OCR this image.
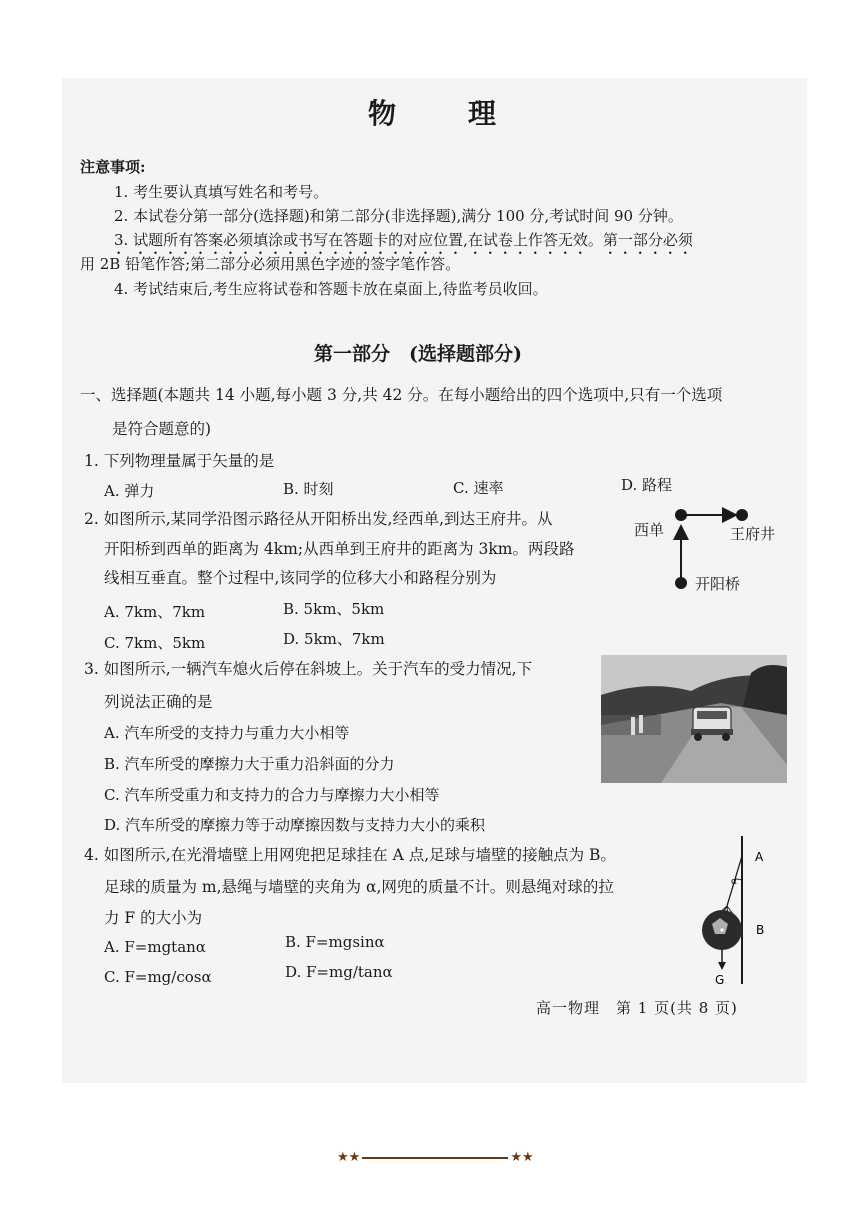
物	理
注意事项:
1. 考生要认真填写姓名和考号。
2. 本试卷分第一部分(选择题)和第二部分(非选择题),满分 100 分,考试时间 90 分钟。
3. 试题所有答案必须填涂或书写在答题卡的对应位置,在试卷上作答无效。第一部分必须
用 2B 铅笔作答;第二部分必须用黑色字迹的签字笔作答。
4. 考试结束后,考生应将试卷和答题卡放在桌面上,待监考员收回。
第一部分　(选择题部分)
一、选择题(本题共 14 小题,每小题 3 分,共 42 分。在每小题给出的四个选项中,只有一个选项
是符合题意的)
1. 下列物理量属于矢量的是
A. 弹力	B. 时刻	C. 速率	D. 路程
2. 如图所示,某同学沿图示路径从开阳桥出发,经西单,到达王府井。从
开阳桥到西单的距离为 4km;从西单到王府井的距离为 3km。两段路
线相互垂直。整个过程中,该同学的位移大小和路程分别为
A. 7km、7km	B. 5km、5km
C. 7km、5km	D. 5km、7km
西单	王府井
开阳桥
3. 如图所示,一辆汽车熄火后停在斜坡上。关于汽车的受力情况,下
列说法正确的是
A. 汽车所受的支持力与重力大小相等
B. 汽车所受的摩擦力大于重力沿斜面的分力
C. 汽车所受重力和支持力的合力与摩擦力大小相等
D. 汽车所受的摩擦力等于动摩擦因数与支持力大小的乘积
4. 如图所示,在光滑墙壁上用网兜把足球挂在 A 点,足球与墙壁的接触点为 B。
足球的质量为 m,悬绳与墙壁的夹角为 α,网兜的质量不计。则悬绳对球的拉
力 F 的大小为
A. F=mgtanα	B. F=mgsinα
C. F=mg/cosα	D. F=mg/tanα
α
A
B
G
高一物理　第 1 页(共 8 页)
★★	★★
